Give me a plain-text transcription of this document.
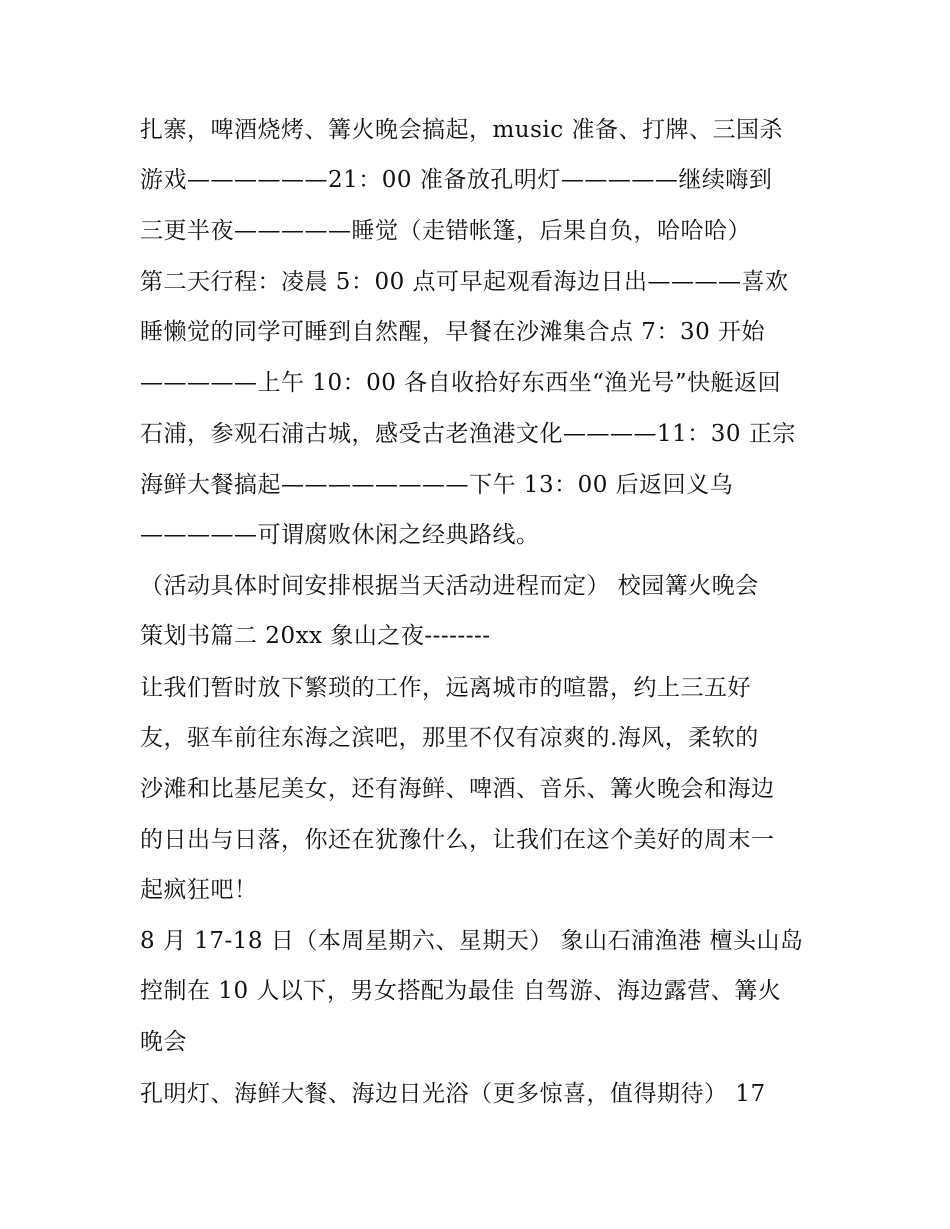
扎寨，啤酒烧烤、篝火晚会搞起，music 准备、打牌、三国杀
游戏——————21：00 准备放孔明灯—————继续嗨到
三更半夜—————睡觉（走错帐篷，后果自负，哈哈哈）
第二天行程：凌晨 5：00 点可早起观看海边日出————喜欢
睡懒觉的同学可睡到自然醒，早餐在沙滩集合点 7：30 开始
—————上午 10：00 各自收拾好东西坐“渔光号”快艇返回
石浦，参观石浦古城，感受古老渔港文化————11：30 正宗
海鲜大餐搞起————————下午 13：00 后返回义乌
—————可谓腐败休闲之经典路线。
（活动具体时间安排根据当天活动进程而定） 校园篝火晚会
策划书篇二 20xx 象山之夜--------
让我们暂时放下繁琐的工作，远离城市的喧嚣，约上三五好
友，驱车前往东海之滨吧，那里不仅有凉爽的.海风，柔软的
沙滩和比基尼美女，还有海鲜、啤酒、音乐、篝火晚会和海边
的日出与日落，你还在犹豫什么，让我们在这个美好的周末一
起疯狂吧！
8 月 17-18 日（本周星期六、星期天） 象山石浦渔港 檀头山岛
控制在 10 人以下，男女搭配为最佳 自驾游、海边露营、篝火
晚会
孔明灯、海鲜大餐、海边日光浴（更多惊喜，值得期待） 17
